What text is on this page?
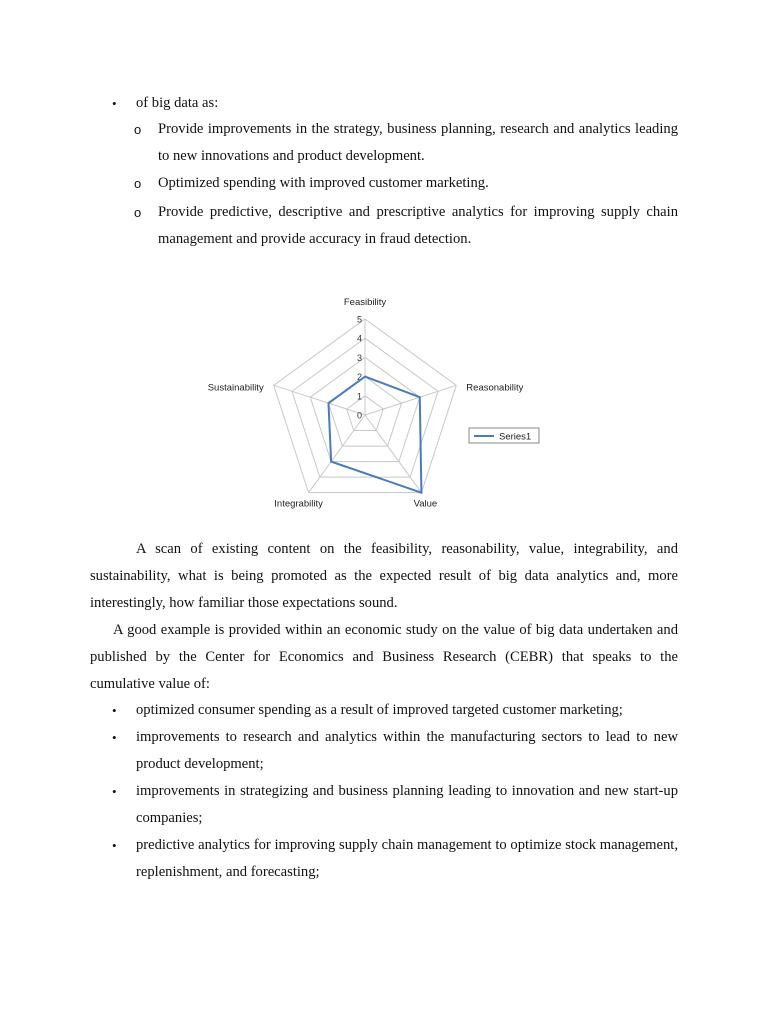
• of big data as:
o Provide improvements in the strategy, business planning, research and analytics leading to new innovations and product development.
o Optimized spending with improved customer marketing.
o Provide predictive, descriptive and prescriptive analytics for improving supply chain management and provide accuracy in fraud detection.
0
1
2
3
4
5
Feasibility
Reasonability
Value
Integrability
Sustainability
Series1
A scan of existing content on the feasibility, reasonability, value, integrability, and sustainability, what is being promoted as the expected result of big data analytics and, more interestingly, how familiar those expectations sound.
A good example is provided within an economic study on the value of big data undertaken and published by the Center for Economics and Business Research (CEBR) that speaks to the cumulative value of:
• optimized consumer spending as a result of improved targeted customer marketing;
• improvements to research and analytics within the manufacturing sectors to lead to new product development;
• improvements in strategizing and business planning leading to innovation and new start-up companies;
• predictive analytics for improving supply chain management to optimize stock management, replenishment, and forecasting;
